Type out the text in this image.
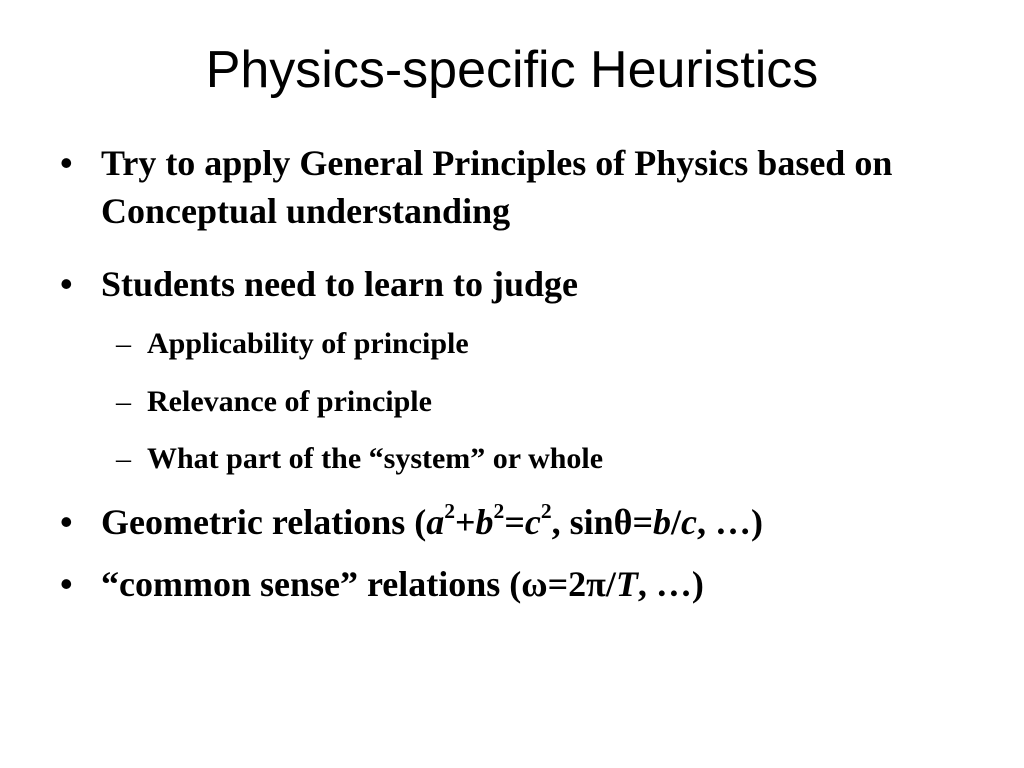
Physics-specific Heuristics
• Try to apply General Principles of Physics based on Conceptual understanding
• Students need to learn to judge
– Applicability of principle
– Relevance of principle
– What part of the “system” or whole
• Geometric relations ($a^2+b^2=c^2$, sinθ=b/c, …)
• “common sense” relations (ω=2π/T, …)
